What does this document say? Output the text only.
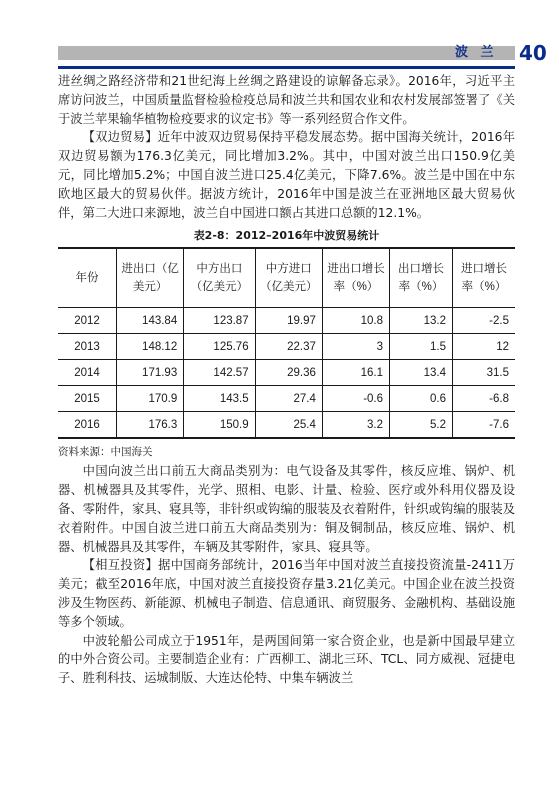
波 兰 40

进丝绸之路经济带和21世纪海上丝绸之路建设的谅解备忘录》。2016年，习近平主席访问波兰，中国质量监督检验检疫总局和波兰共和国农业和农村发展部签署了《关于波兰苹果输华植物检疫要求的议定书》等一系列经贸合作文件。

【双边贸易】近年中波双边贸易保持平稳发展态势。据中国海关统计，2016年双边贸易额为176.3亿美元，同比增加3.2%。其中，中国对波兰出口150.9亿美元，同比增加5.2%；中国自波兰进口25.4亿美元，下降7.6%。波兰是中国在中东欧地区最大的贸易伙伴。据波方统计，2016年中国是波兰在亚洲地区最大贸易伙伴，第二大进口来源地，波兰自中国进口额占其进口总额的12.1%。

表2-8：2012–2016年中波贸易统计
年份	进出口（亿美元）	中方出口（亿美元）	中方进口（亿美元）	进出口增长率（%）	出口增长率（%）	进口增长率（%）
2012	143.84	123.87	19.97	10.8	13.2	-2.5
2013	148.12	125.76	22.37	3	1.5	12
2014	171.93	142.57	29.36	16.1	13.4	31.5
2015	170.9	143.5	27.4	-0.6	0.6	-6.8
2016	176.3	150.9	25.4	3.2	5.2	-7.6
资料来源：中国海关

中国向波兰出口前五大商品类别为：电气设备及其零件，核反应堆、锅炉、机器、机械器具及其零件，光学、照相、电影、计量、检验、医疗或外科用仪器及设备、零附件，家具、寝具等，非针织或钩编的服装及衣着附件，针织或钩编的服装及衣着附件。中国自波兰进口前五大商品类别为：铜及铜制品，核反应堆、锅炉、机器、机械器具及其零件，车辆及其零附件，家具、寝具等。

【相互投资】据中国商务部统计，2016当年中国对波兰直接投资流量-2411万美元；截至2016年底，中国对波兰直接投资存量3.21亿美元。中国企业在波兰投资涉及生物医药、新能源、机械电子制造、信息通讯、商贸服务、金融机构、基础设施等多个领域。

中波轮船公司成立于1951年，是两国间第一家合资企业，也是新中国最早建立的中外合资公司。主要制造企业有：广西柳工、湖北三环、TCL、同方威视、冠捷电子、胜利科技、运城制版、大连达伦特、中集车辆波兰
